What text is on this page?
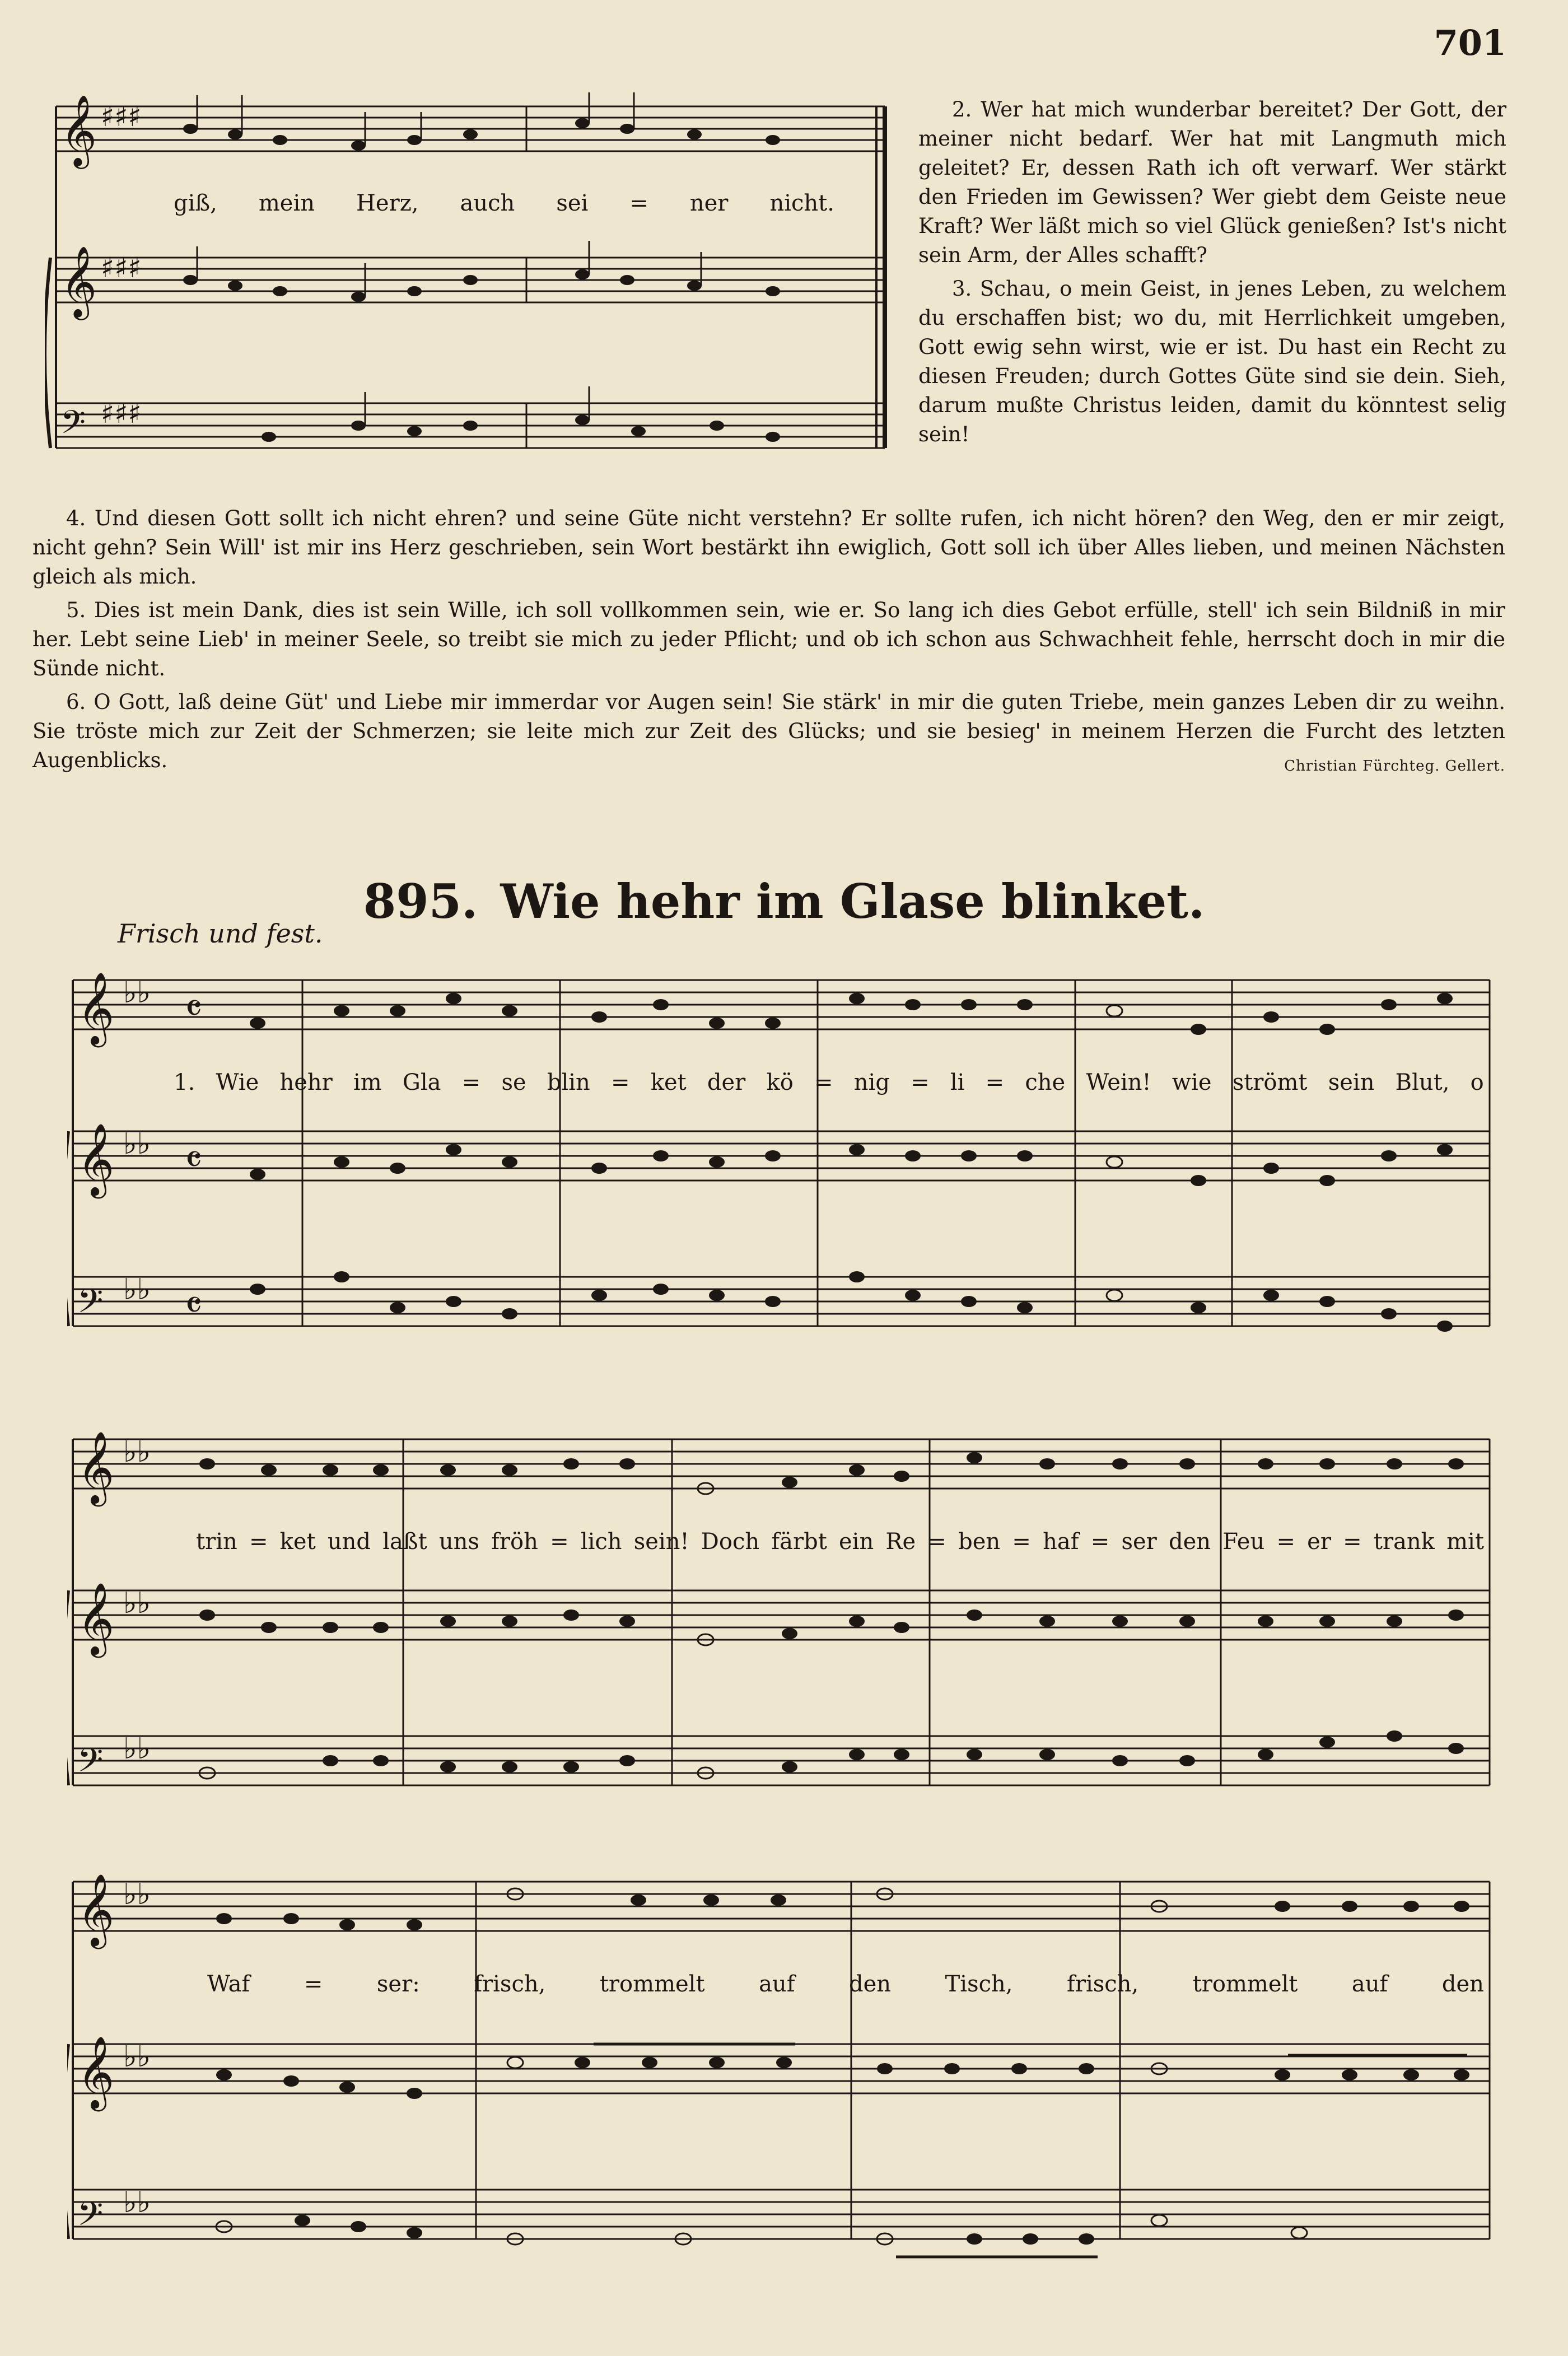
701
𝄞
𝄞
𝄢
♯♯♯
♯♯♯
♯♯♯
giß, mein Herz, auch sei = ner nicht.

2. Wer hat mich wunderbar bereitet? Der Gott, der meiner nicht bedarf. Wer hat mit Langmuth mich geleitet? Er, dessen Rath ich oft verwarf. Wer stärkt den Frieden im Gewissen? Wer giebt dem Geiste neue Kraft? Wer läßt mich so viel Glück genießen? Ist's nicht sein Arm, der Alles schafft?

3. Schau, o mein Geist, in jenes Leben, zu welchem du erschaffen bist; wo du, mit Herrlichkeit umgeben, Gott ewig sehn wirst, wie er ist. Du hast ein Recht zu diesen Freuden; durch Gottes Güte sind sie dein. Sieh, darum mußte Christus leiden, damit du könntest selig sein!

4. Und diesen Gott sollt ich nicht ehren? und seine Güte nicht verstehn? Er sollte rufen, ich nicht hören? den Weg, den er mir zeigt, nicht gehn? Sein Will' ist mir ins Herz geschrieben, sein Wort bestärkt ihn ewiglich, Gott soll ich über Alles lieben, und meinen Nächsten gleich als mich.

5. Dies ist mein Dank, dies ist sein Wille, ich soll vollkommen sein, wie er. So lang ich dies Gebot erfülle, stell' ich sein Bildniß in mir her. Lebt seine Lieb' in meiner Seele, so treibt sie mich zu jeder Pflicht; und ob ich schon aus Schwachheit fehle, herrscht doch in mir die Sünde nicht.

6. O Gott, laß deine Güt' und Liebe mir immerdar vor Augen sein! Sie stärk' in mir die guten Triebe, mein ganzes Leben dir zu weihn. Sie tröste mich zur Zeit der Schmerzen; sie leite mich zur Zeit des Glücks; und sie besieg' in meinem Herzen die Furcht des letzten Augenblicks.	Christian Fürchteg. Gellert.

895. Wie hehr im Glase blinket.
Frisch und fest.
𝄞
𝄞
𝄢
♭♭
♭♭
♭♭
𝄴
𝄴
𝄴
1. Wie hehr im Gla = se blin = ket der kö = nig = li = che Wein! wie strömt sein Blut, o
𝄞
𝄞
𝄢
♭♭
♭♭
♭♭
trin = ket und laßt uns fröh = lich sein! Doch färbt ein Re = ben = haf = ser den Feu = er = trank mit
𝄞
𝄞
𝄢
♭♭
♭♭
♭♭
Waf = ser: frisch, trommelt auf den Tisch, frisch, trommelt auf den
